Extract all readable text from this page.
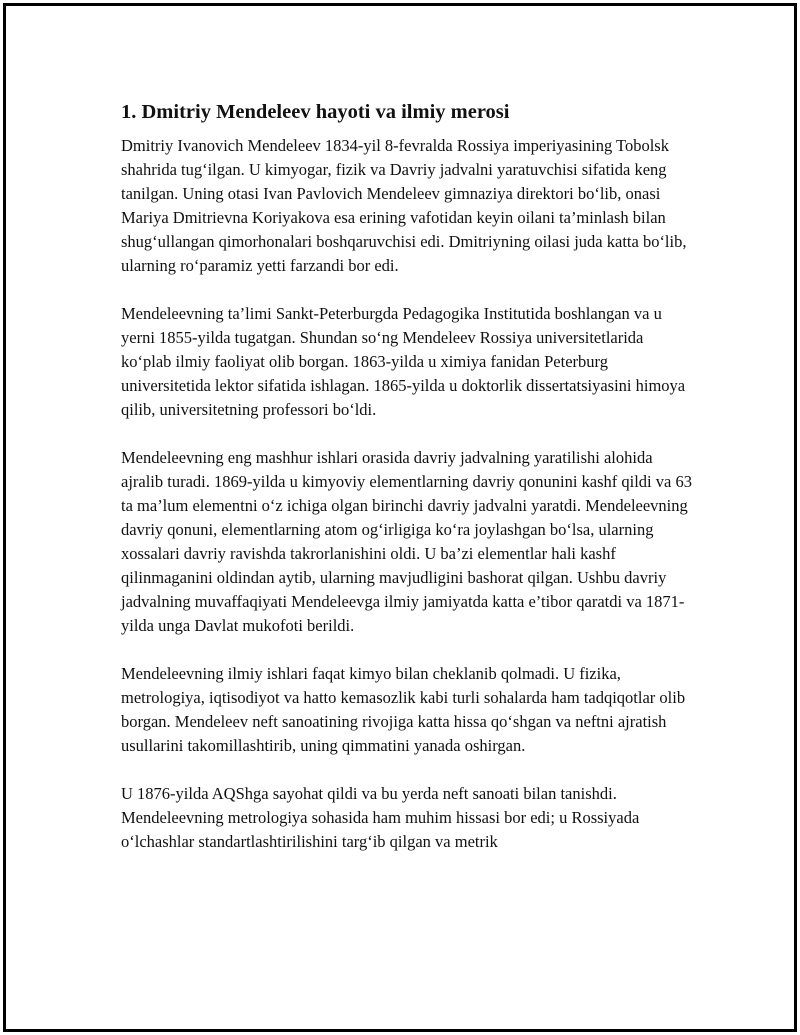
1. Dmitriy Mendeleev hayoti va ilmiy merosi

Dmitriy Ivanovich Mendeleev 1834-yil 8-fevralda Rossiya imperiyasining Tobolsk shahrida tug‘ilgan. U kimyogar, fizik va Davriy jadvalni yaratuvchisi sifatida keng tanilgan. Uning otasi Ivan Pavlovich Mendeleev gimnaziya direktori bo‘lib, onasi Mariya Dmitrievna Koriyakova esa erining vafotidan keyin oilani ta’minlash bilan shug‘ullangan qimorhonalari boshqaruvchisi edi. Dmitriyning oilasi juda katta bo‘lib, ularning ro‘paramiz yetti farzandi bor edi.

Mendeleevning ta’limi Sankt-Peterburgda Pedagogika Institutida boshlangan va u yerni 1855-yilda tugatgan. Shundan so‘ng Mendeleev Rossiya universitetlarida ko‘plab ilmiy faoliyat olib borgan. 1863-yilda u ximiya fanidan Peterburg universitetida lektor sifatida ishlagan. 1865-yilda u doktorlik dissertatsiyasini himoya qilib, universitetning professori bo‘ldi.

Mendeleevning eng mashhur ishlari orasida davriy jadvalning yaratilishi alohida ajralib turadi. 1869-yilda u kimyoviy elementlarning davriy qonunini kashf qildi va 63 ta ma’lum elementni o‘z ichiga olgan birinchi davriy jadvalni yaratdi. Mendeleevning davriy qonuni, elementlarning atom og‘irligiga ko‘ra joylashgan bo‘lsa, ularning xossalari davriy ravishda takrorlanishini oldi. U ba’zi elementlar hali kashf qilinmaganini oldindan aytib, ularning mavjudligini bashorat qilgan. Ushbu davriy jadvalning muvaffaqiyati Mendeleevga ilmiy jamiyatda katta e’tibor qaratdi va 1871-yilda unga Davlat mukofoti berildi.

Mendeleevning ilmiy ishlari faqat kimyo bilan cheklanib qolmadi. U fizika, metrologiya, iqtisodiyot va hatto kemasozlik kabi turli sohalarda ham tadqiqotlar olib borgan. Mendeleev neft sanoatining rivojiga katta hissa qo‘shgan va neftni ajratish usullarini takomillashtirib, uning qimmatini yanada oshirgan.

U 1876-yilda AQShga sayohat qildi va bu yerda neft sanoati bilan tanishdi. Mendeleevning metrologiya sohasida ham muhim hissasi bor edi; u Rossiyada o‘lchashlar standartlashtirilishini targ‘ib qilgan va metrik
